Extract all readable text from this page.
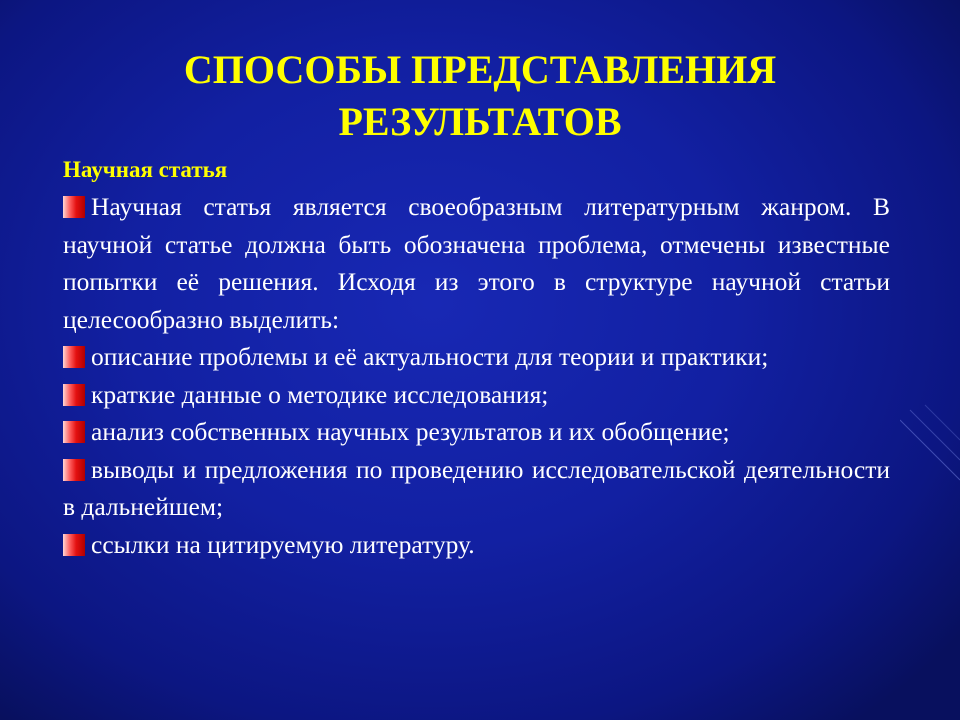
СПОСОБЫ ПРЕДСТАВЛЕНИЯ
РЕЗУЛЬТАТОВ
Научная статья
Научная статья является своеобразным литературным жанром. В научной статье должна быть обозначена проблема, отмечены известные попытки её решения. Исходя из этого в структуре научной статьи целесообразно выделить:
описание проблемы и её актуальности для теории и практики;
краткие данные о методике исследования;
анализ собственных научных результатов и их обобщение;
выводы и предложения по проведению исследовательской деятельности в дальнейшем;
ссылки на цитируемую литературу.
